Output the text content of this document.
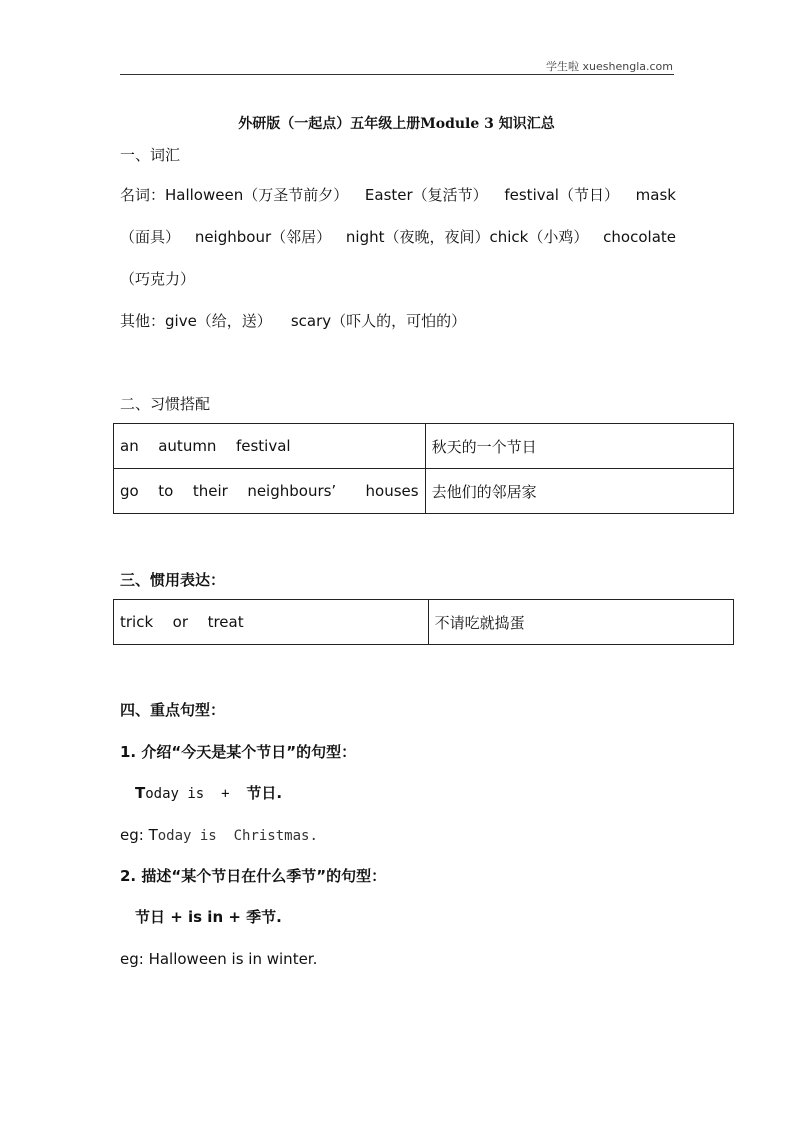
学生啦 xueshengla.com
外研版（一起点）五年级上册Module 3 知识汇总
一、词汇
名词：Halloween（万圣节前夕） Easter（复活节） festival（节日） mask
（面具） neighbour（邻居） night（夜晚，夜间）chick（小鸡） chocolate
（巧克力）
其他：give（给，送）    scary（吓人的，可怕的）
二、习惯搭配
an  autumn  festival	秋天的一个节日
go  to  their  neighbours’   houses	去他们的邻居家
三、惯用表达：
trick  or  treat	不请吃就捣蛋
四、重点句型：
1. 介绍“今天是某个节日”的句型：
Today is  +  节日.
eg: Today is  Christmas.
2. 描述“某个节日在什么季节”的句型：
节日 + is in + 季节.
eg: Halloween is in winter.
